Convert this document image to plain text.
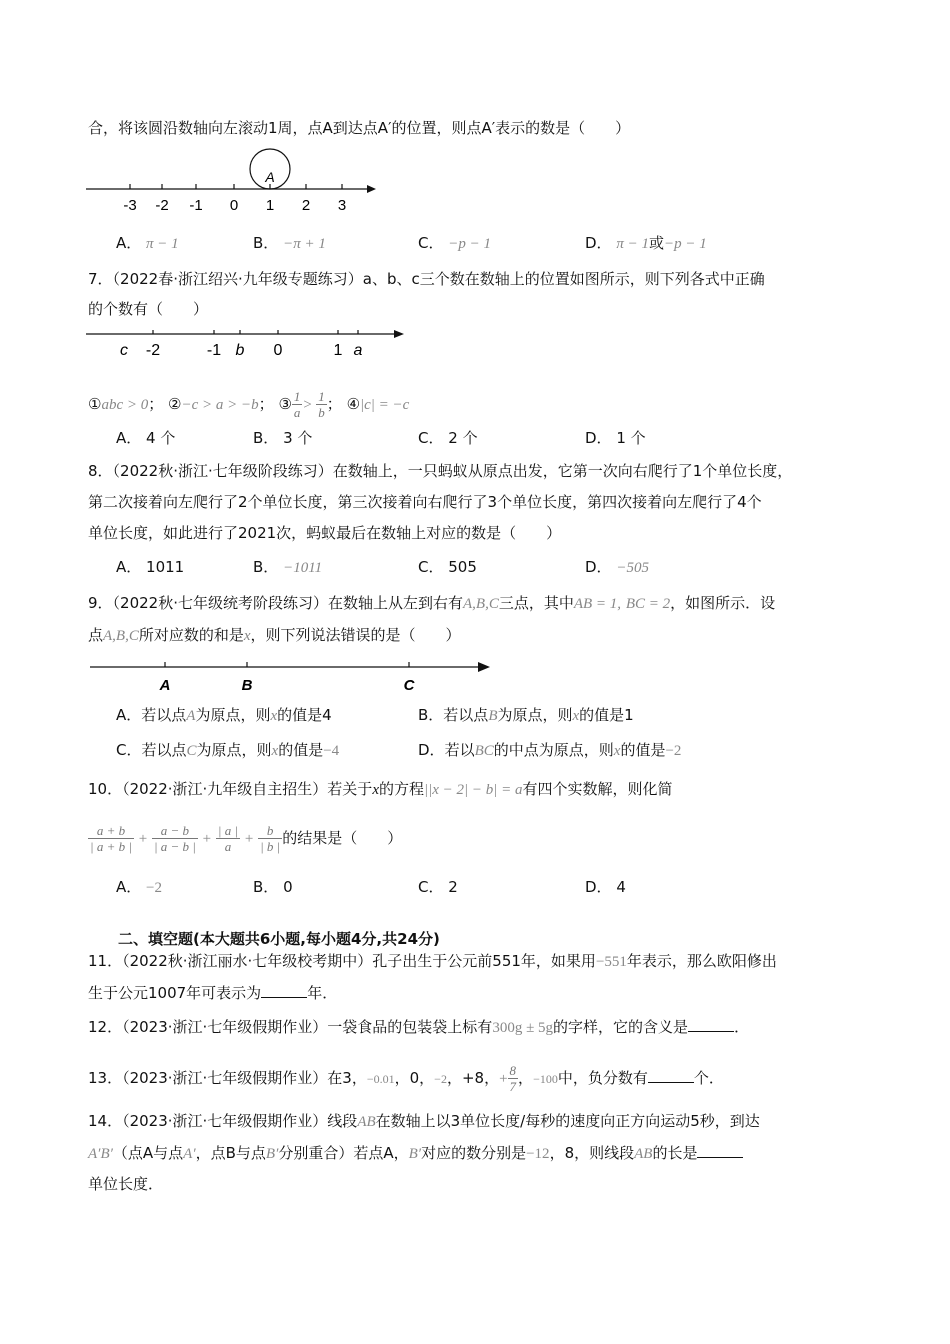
合，将该圆沿数轴向左滚动1周，点A到达点A′的位置，则点A′表示的数是（　　）
A
-3 -2 -1 0 1 2 3
A． π − 1	B． −π + 1	C． −p − 1	D． π − 1或−p − 1
7．（2022春·浙江绍兴·九年级专题练习）a、b、c三个数在数轴上的位置如图所示，则下列各式中正确
的个数有（　　）
c -2	-1 b 0	1 a
①abc > 0； ②−c > a > −b； ③ $\frac{1}{a} > \frac{1}{b}$ ； ④|c| = −c
A． 4 个	B． 3 个	C． 2 个	D． 1 个
8．（2022秋·浙江·七年级阶段练习）在数轴上，一只蚂蚁从原点出发，它第一次向右爬行了1个单位长度，
第二次接着向左爬行了2个单位长度，第三次接着向右爬行了3个单位长度，第四次接着向左爬行了4个
单位长度，如此进行了2021次，蚂蚁最后在数轴上对应的数是（　　）
A． 1011	B． −1011	C． 505	D． −505
9．（2022秋·七年级统考阶段练习）在数轴上从左到右有A,B,C三点，其中AB = 1, BC = 2，如图所示．设
点A,B,C所对应数的和是x，则下列说法错误的是（　　）
A	B	C
A．若以点A为原点，则x的值是4	B．若以点B为原点，则x的值是1
C．若以点C为原点，则x的值是−4	D．若以BC的中点为原点，则x的值是−2
10．（2022·浙江·九年级自主招生）若关于x的方程||x − 2| − b| = a有四个实数解，则化简
$\frac{a + b}{| a + b |} + \frac{a - b}{| a - b |} + \frac{| a |}{a} + \frac{b}{| b |}$ 的结果是（　　）
A． −2	B． 0	C． 2	D． 4
二、填空题(本大题共6小题,每小题4分,共24分)
11．（2022秋·浙江丽水·七年级校考期中）孔子出生于公元前551年，如果用−551年表示，那么欧阳修出
生于公元1007年可表示为	年．
12．（2023·浙江·七年级假期作业）一袋食品的包装袋上标有300g ± 5g的字样，它的含义是	．
13．（2023·浙江·七年级假期作业）在3，−0.01，0，−2，+8，+ $\frac{8}{7}$ ，−100中，负分数有	个．
14．（2023·浙江·七年级假期作业）线段AB在数轴上以3单位长度/每秒的速度向正方向运动5秒，到达
A′B′（点A与点A′，点B与点B′分别重合）若点A，B′对应的数分别是−12，8，则线段AB的长是
单位长度．
